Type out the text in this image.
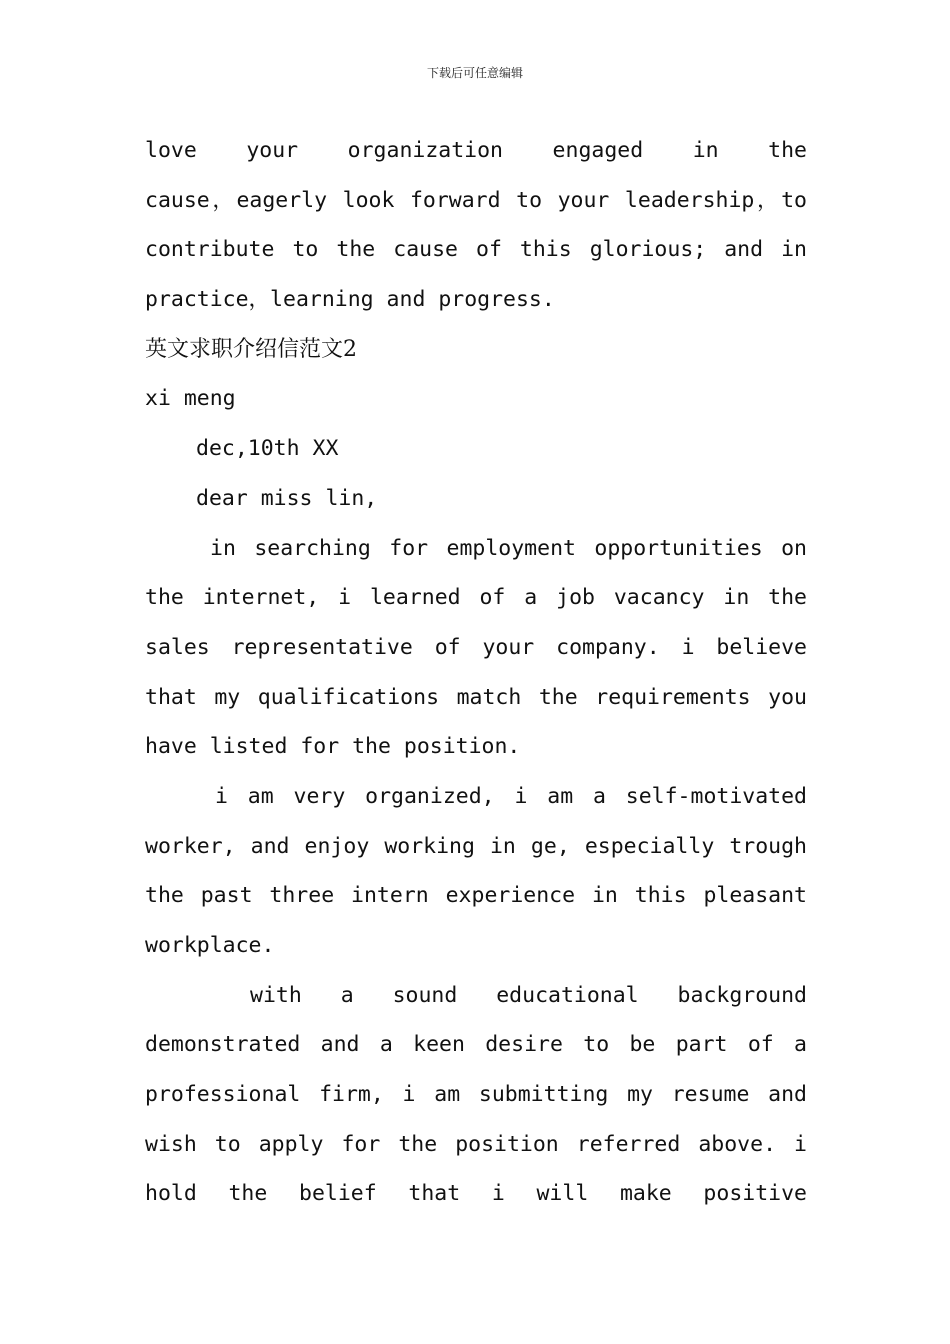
下载后可任意编辑
love your organization engaged in the
cause，eagerly look forward to your leadership，to
contribute to the cause of this glorious; and in
practice，learning and progress.
英文求职介绍信范文2
xi meng
dec,10th XX
dear miss lin,
in searching for employment opportunities on
the internet, i learned of a job vacancy in the
sales representative of your company. i believe
that my qualifications match the requirements you
have listed for the position.
i am very organized, i am a self-motivated
worker, and enjoy working in ge, especially trough
the past three intern experience in this pleasant
workplace.
with a sound educational background
demonstrated and a keen desire to be part of a
professional firm, i am submitting my resume and
wish to apply for the position referred above. i
hold the belief that i will make positive
